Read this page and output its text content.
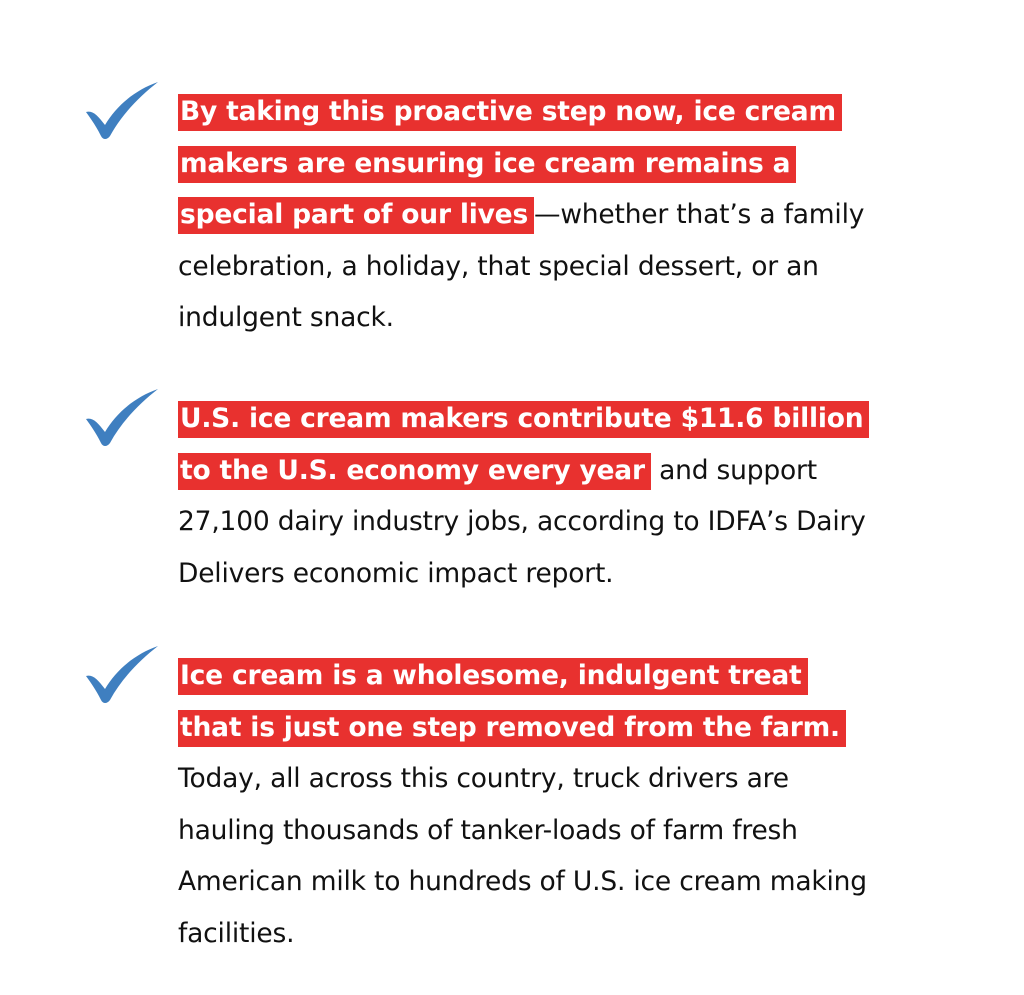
By taking this proactive step now, ice cream makers are ensuring ice cream remains a special part of our lives —whether that’s a family celebration, a holiday, that special dessert, or an indulgent snack.
U.S. ice cream makers contribute $11.6 billion to the U.S. economy every year and support 27,100 dairy industry jobs, according to IDFA’s Dairy Delivers economic impact report.
Ice cream is a wholesome, indulgent treat that is just one step removed from the farm. Today, all across this country, truck drivers are hauling thousands of tanker-loads of farm fresh American milk to hundreds of U.S. ice cream making facilities.
